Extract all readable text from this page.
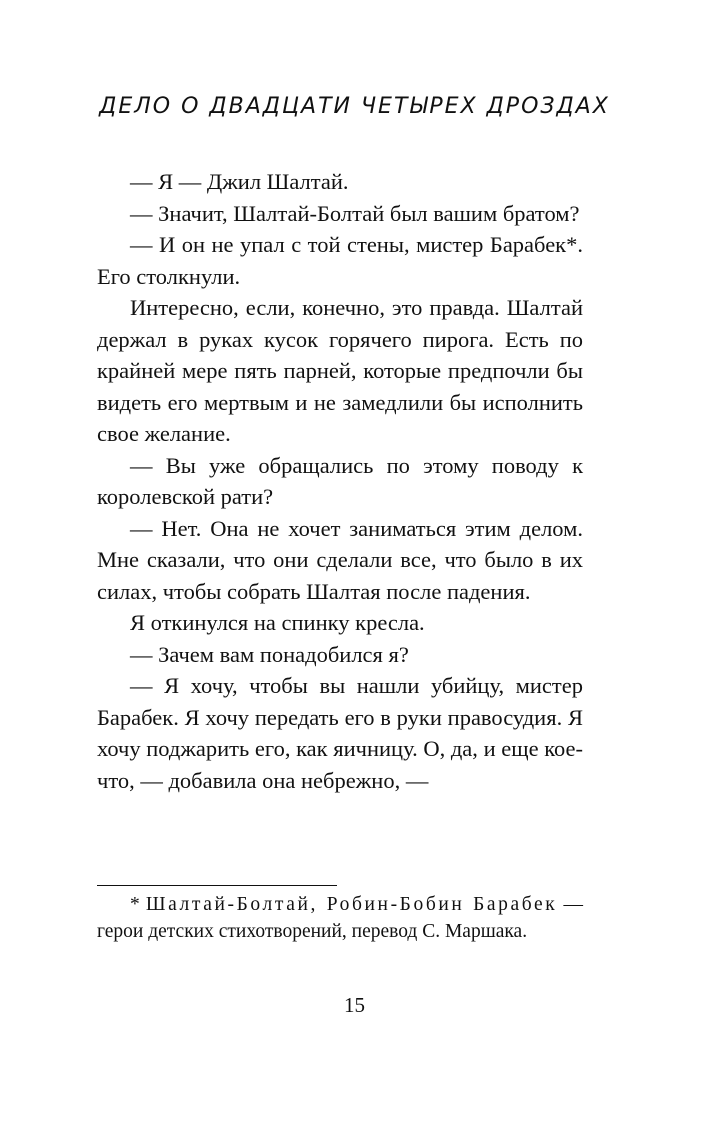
ДЕЛО О ДВАДЦАТИ ЧЕТЫРЕХ ДРОЗДАХ

— Я — Джил Шалтай.

— Значит, Шалтай-Болтай был вашим братом?

— И он не упал с той стены, мистер Барабек*. Его столкнули.

Интересно, если, конечно, это правда. Шалтай держал в руках кусок горячего пирога. Есть по крайней мере пять парней, которые предпочли бы видеть его мертвым и не замедлили бы исполнить свое желание.

— Вы уже обращались по этому поводу к королевской рати?

— Нет. Она не хочет заниматься этим делом. Мне сказали, что они сделали все, что было в их силах, чтобы собрать Шалтая после падения.

Я откинулся на спинку кресла.

— Зачем вам понадобился я?

— Я хочу, чтобы вы нашли убийцу, мистер Барабек. Я хочу передать его в руки правосудия. Я хочу поджарить его, как яичницу. О, да, и еще кое-что, — добавила она небрежно, —

* Шалтай-Болтай, Робин-Бобин Барабек — герои детских стихотворений, перевод С. Маршака.

15
